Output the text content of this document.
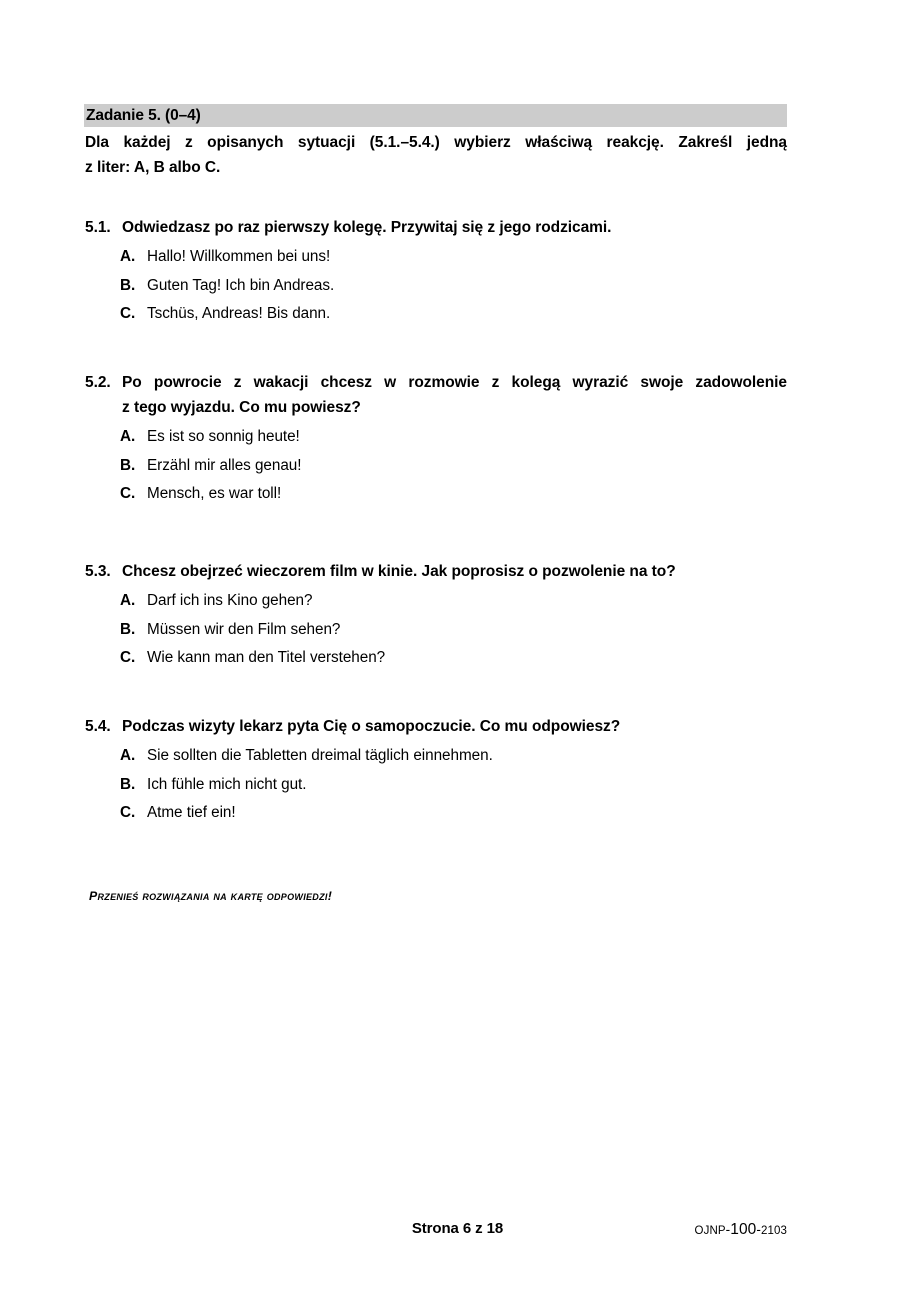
Zadanie 5. (0–4)
Dla każdej z opisanych sytuacji (5.1.–5.4.) wybierz właściwą reakcję. Zakreśl jedną
z liter: A, B albo C.
5.1. Odwiedzasz po raz pierwszy kolegę. Przywitaj się z jego rodzicami.
A. Hallo! Willkommen bei uns!
B. Guten Tag! Ich bin Andreas.
C. Tschüs, Andreas! Bis dann.
5.2. Po powrocie z wakacji chcesz w rozmowie z kolegą wyrazić swoje zadowolenie
z tego wyjazdu. Co mu powiesz?
A. Es ist so sonnig heute!
B. Erzähl mir alles genau!
C. Mensch, es war toll!
5.3. Chcesz obejrzeć wieczorem film w kinie. Jak poprosisz o pozwolenie na to?
A. Darf ich ins Kino gehen?
B. Müssen wir den Film sehen?
C. Wie kann man den Titel verstehen?
5.4. Podczas wizyty lekarz pyta Cię o samopoczucie. Co mu odpowiesz?
A. Sie sollten die Tabletten dreimal täglich einnehmen.
B. Ich fühle mich nicht gut.
C. Atme tief ein!
Przenieś rozwiązania na kartę odpowiedzi!
Strona 6 z 18	OJNP-100-2103
